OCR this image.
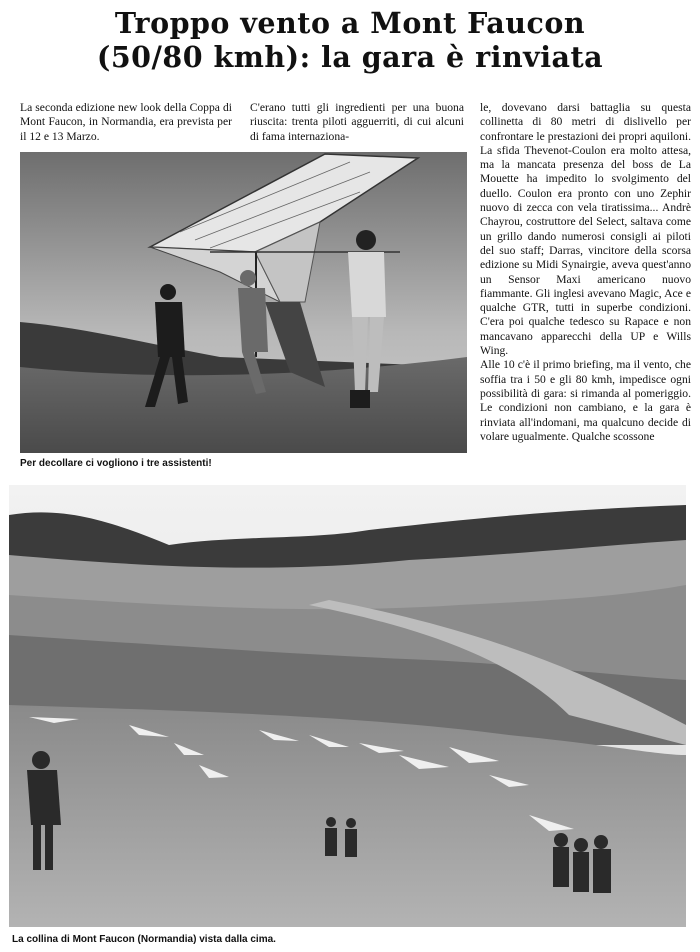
Troppo vento a Mont Faucon
(50/80 kmh): la gara è rinviata

La seconda edizione new look della Coppa di Mont Faucon, in Normandia, era prevista per il 12 e 13 Marzo.

C'erano tutti gli ingredienti per una buona riuscita: trenta piloti agguerriti, di cui alcuni di fama internaziona-

le, dovevano darsi battaglia su questa collinetta di 80 metri di dislivello per confrontare le prestazioni dei propri aquiloni. La sfida Thevenot-Coulon era molto attesa, ma la mancata presenza del boss de La Mouette ha impedito lo svolgimento del duello. Coulon era pronto con uno Zephir nuovo di zecca con vela tiratissima... Andrè Chayrou, costruttore del Select, saltava come un grillo dando numerosi consigli ai piloti del suo staff; Darras, vincitore della scorsa edizione su Midi Synairgie, aveva quest'anno un Sensor Maxi americano nuovo fiammante. Gli inglesi avevano Magic, Ace e qualche GTR, tutti in superbe condizioni. C'era poi qualche tedesco su Rapace e non mancavano apparecchi della UP e Wills Wing.

Alle 10 c'è il primo briefing, ma il vento, che soffia tra i 50 e gli 80 kmh, impedisce ogni possibilità di gara: si rimanda al pomeriggio. Le condizioni non cambiano, e la gara è rinviata all'indomani, ma qualcuno decide di volare ugualmente. Qualche scossone

Per decollare ci vogliono i tre assistenti!
La collina di Mont Faucon (Normandia) vista dalla cima.
